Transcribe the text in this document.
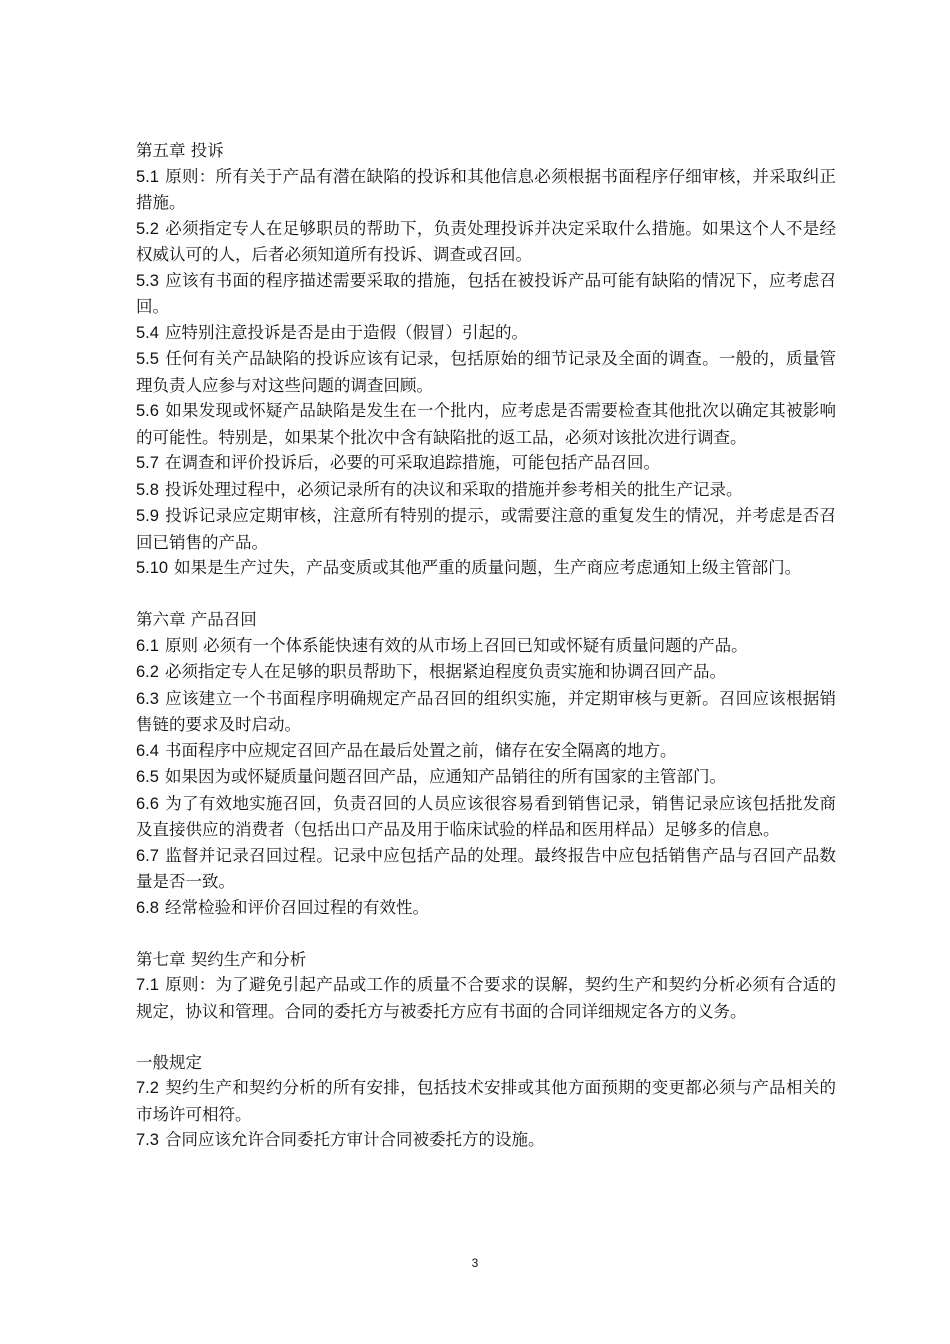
第五章 投诉

5.1 原则：所有关于产品有潜在缺陷的投诉和其他信息必须根据书面程序仔细审核，并采取纠正措施。

5.2 必须指定专人在足够职员的帮助下，负责处理投诉并决定采取什么措施。如果这个人不是经权威认可的人，后者必须知道所有投诉、调查或召回。

5.3 应该有书面的程序描述需要采取的措施，包括在被投诉产品可能有缺陷的情况下，应考虑召回。

5.4 应特别注意投诉是否是由于造假（假冒）引起的。

5.5 任何有关产品缺陷的投诉应该有记录，包括原始的细节记录及全面的调查。一般的，质量管理负责人应参与对这些问题的调查回顾。

5.6 如果发现或怀疑产品缺陷是发生在一个批内，应考虑是否需要检查其他批次以确定其被影响的可能性。特别是，如果某个批次中含有缺陷批的返工品，必须对该批次进行调查。

5.7 在调查和评价投诉后，必要的可采取追踪措施，可能包括产品召回。

5.8 投诉处理过程中，必须记录所有的决议和采取的措施并参考相关的批生产记录。

5.9 投诉记录应定期审核，注意所有特别的提示，或需要注意的重复发生的情况，并考虑是否召回已销售的产品。

5.10 如果是生产过失，产品变质或其他严重的质量问题，生产商应考虑通知上级主管部门。

第六章 产品召回

6.1 原则 必须有一个体系能快速有效的从市场上召回已知或怀疑有质量问题的产品。

6.2 必须指定专人在足够的职员帮助下，根据紧迫程度负责实施和协调召回产品。

6.3 应该建立一个书面程序明确规定产品召回的组织实施，并定期审核与更新。召回应该根据销售链的要求及时启动。

6.4 书面程序中应规定召回产品在最后处置之前，储存在安全隔离的地方。

6.5 如果因为或怀疑质量问题召回产品，应通知产品销往的所有国家的主管部门。

6.6 为了有效地实施召回，负责召回的人员应该很容易看到销售记录，销售记录应该包括批发商及直接供应的消费者（包括出口产品及用于临床试验的样品和医用样品）足够多的信息。

6.7 监督并记录召回过程。记录中应包括产品的处理。最终报告中应包括销售产品与召回产品数量是否一致。

6.8 经常检验和评价召回过程的有效性。

第七章 契约生产和分析

7.1 原则：为了避免引起产品或工作的质量不合要求的误解，契约生产和契约分析必须有合适的规定，协议和管理。合同的委托方与被委托方应有书面的合同详细规定各方的义务。

一般规定

7.2 契约生产和契约分析的所有安排，包括技术安排或其他方面预期的变更都必须与产品相关的市场许可相符。

7.3 合同应该允许合同委托方审计合同被委托方的设施。

3
